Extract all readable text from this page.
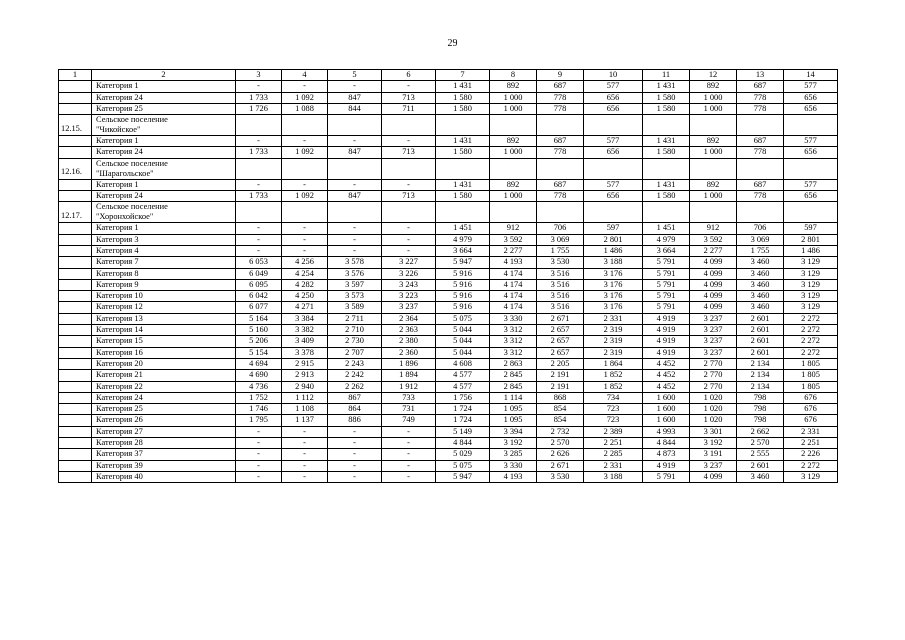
29
1	2	3	4	5	6	7	8	9	10	11	12	13	14
	Категория 1	-	-	-	-	1 431	892	687	577	1 431	892	687	577
	Категория 24	1 733	1 092	847	713	1 580	1 000	778	656	1 580	1 000	778	656
	Категория 25	1 726	1 088	844	711	1 580	1 000	778	656	1 580	1 000	778	656
12.15.	Сельское поселение
"Чикойское"												

	Категория 1	-	-	-	-	1 431	892	687	577	1 431	892	687	577
	Категория 24	1 733	1 092	847	713	1 580	1 000	778	656	1 580	1 000	778	656
12.16.	Сельское поселение
"Шарагольское"												

	Категория 1	-	-	-	-	1 431	892	687	577	1 431	892	687	577
	Категория 24	1 733	1 092	847	713	1 580	1 000	778	656	1 580	1 000	778	656
12.17.	Сельское поселение
"Хоронхойское"												

	Категория 1	-	-	-	-	1 451	912	706	597	1 451	912	706	597
	Категория 3	-	-	-	-	4 979	3 592	3 069	2 801	4 979	3 592	3 069	2 801
	Категория 4	-	-	-	-	3 664	2 277	1 755	1 486	3 664	2 277	1 755	1 486
	Категория 7	6 053	4 256	3 578	3 227	5 947	4 193	3 530	3 188	5 791	4 099	3 460	3 129
	Категория 8	6 049	4 254	3 576	3 226	5 916	4 174	3 516	3 176	5 791	4 099	3 460	3 129
	Категория 9	6 095	4 282	3 597	3 243	5 916	4 174	3 516	3 176	5 791	4 099	3 460	3 129
	Категория 10	6 042	4 250	3 573	3 223	5 916	4 174	3 516	3 176	5 791	4 099	3 460	3 129
	Категория 12	6 077	4 271	3 589	3 237	5 916	4 174	3 516	3 176	5 791	4 099	3 460	3 129
	Категория 13	5 164	3 384	2 711	2 364	5 075	3 330	2 671	2 331	4 919	3 237	2 601	2 272
	Категория 14	5 160	3 382	2 710	2 363	5 044	3 312	2 657	2 319	4 919	3 237	2 601	2 272
	Категория 15	5 206	3 409	2 730	2 380	5 044	3 312	2 657	2 319	4 919	3 237	2 601	2 272
	Категория 16	5 154	3 378	2 707	2 360	5 044	3 312	2 657	2 319	4 919	3 237	2 601	2 272
	Категория 20	4 694	2 915	2 243	1 896	4 608	2 863	2 205	1 864	4 452	2 770	2 134	1 805
	Категория 21	4 690	2 913	2 242	1 894	4 577	2 845	2 191	1 852	4 452	2 770	2 134	1 805
	Категория 22	4 736	2 940	2 262	1 912	4 577	2 845	2 191	1 852	4 452	2 770	2 134	1 805
	Категория 24	1 752	1 112	867	733	1 756	1 114	868	734	1 600	1 020	798	676
	Категория 25	1 746	1 108	864	731	1 724	1 095	854	723	1 600	1 020	798	676
	Категория 26	1 795	1 137	886	749	1 724	1 095	854	723	1 600	1 020	798	676
	Категория 27	-	-	-	-	5 149	3 394	2 732	2 389	4 993	3 301	2 662	2 331
	Категория 28	-	-	-	-	4 844	3 192	2 570	2 251	4 844	3 192	2 570	2 251
	Категория 37	-	-	-	-	5 029	3 285	2 626	2 285	4 873	3 191	2 555	2 226
	Категория 39	-	-	-	-	5 075	3 330	2 671	2 331	4 919	3 237	2 601	2 272
	Категория 40	-	-	-	-	5 947	4 193	3 530	3 188	5 791	4 099	3 460	3 129
